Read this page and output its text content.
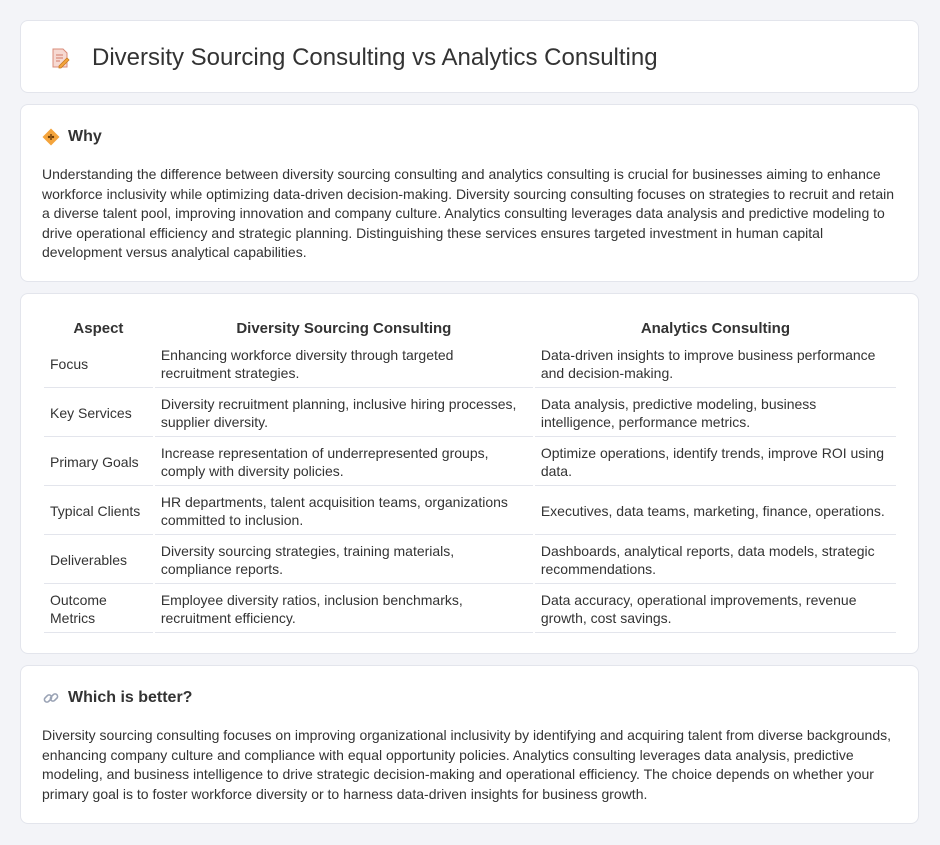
Diversity Sourcing Consulting vs Analytics Consulting
Why

Understanding the difference between diversity sourcing consulting and analytics consulting is crucial for businesses aiming to enhance workforce inclusivity while optimizing data-driven decision-making. Diversity sourcing consulting focuses on strategies to recruit and retain a diverse talent pool, improving innovation and company culture. Analytics consulting leverages data analysis and predictive modeling to drive operational efficiency and strategic planning. Distinguishing these services ensures targeted investment in human capital development versus analytical capabilities.

Aspect	Diversity Sourcing Consulting	Analytics Consulting
Focus	Enhancing workforce diversity through targeted recruitment strategies.	Data-driven insights to improve business performance and decision-making.
Key Services	Diversity recruitment planning, inclusive hiring processes, supplier diversity.	Data analysis, predictive modeling, business intelligence, performance metrics.
Primary Goals	Increase representation of underrepresented groups, comply with diversity policies.	Optimize operations, identify trends, improve ROI using data.
Typical Clients	HR departments, talent acquisition teams, organizations committed to inclusion.	Executives, data teams, marketing, finance, operations.
Deliverables	Diversity sourcing strategies, training materials, compliance reports.	Dashboards, analytical reports, data models, strategic recommendations.
Outcome Metrics	Employee diversity ratios, inclusion benchmarks, recruitment efficiency.	Data accuracy, operational improvements, revenue growth, cost savings.
Which is better?

Diversity sourcing consulting focuses on improving organizational inclusivity by identifying and acquiring talent from diverse backgrounds, enhancing company culture and compliance with equal opportunity policies. Analytics consulting leverages data analysis, predictive modeling, and business intelligence to drive strategic decision-making and operational efficiency. The choice depends on whether your primary goal is to foster workforce diversity or to harness data-driven insights for business growth.
